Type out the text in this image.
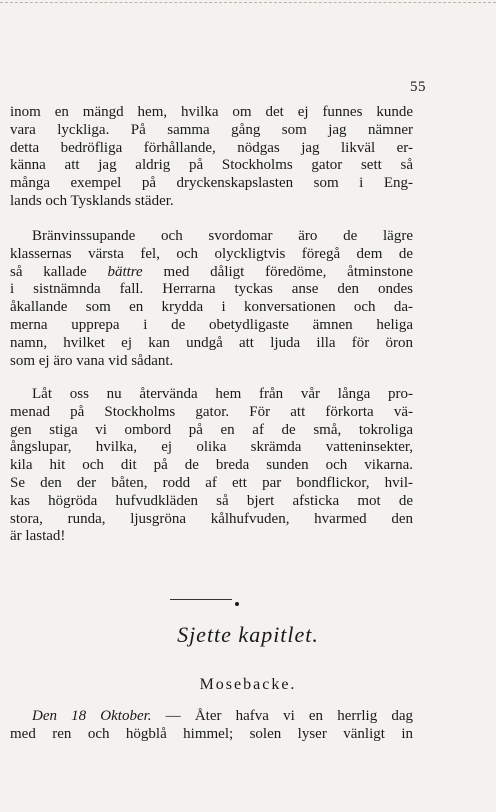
55
inom en mängd hem, hvilka om det ej funnes kunde
vara lyckliga. På samma gång som jag nämner
detta bedröfliga förhållande, nödgas jag likväl er-
känna att jag aldrig på Stockholms gator sett så
många exempel på dryckenskapslasten som i Eng-
lands och Tysklands städer.
Bränvinssupande och svordomar äro de lägre
klassernas värsta fel, och olyckligtvis föregå dem de
så kallade bättre med dåligt föredöme, åtminstone
i sistnämnda fall. Herrarna tyckas anse den ondes
åkallande som en krydda i konversationen och da-
merna upprepa i de obetydligaste ämnen heliga
namn, hvilket ej kan undgå att ljuda illa för öron
som ej äro vana vid sådant.
Låt oss nu återvända hem från vår långa pro-
menad på Stockholms gator. För att förkorta vä-
gen stiga vi ombord på en af de små, tokroliga
ångslupar, hvilka, ej olika skrämda vatteninsekter,
kila hit och dit på de breda sunden och vikarna.
Se den der båten, rodd af ett par bondflickor, hvil-
kas högröda hufvudkläden så bjert afsticka mot de
stora, runda, ljusgröna kålhufvuden, hvarmed den
är lastad!
Sjette kapitlet.
Mosebacke.
Den 18 Oktober. — Åter hafva vi en herrlig dag
med ren och högblå himmel; solen lyser vänligt in
